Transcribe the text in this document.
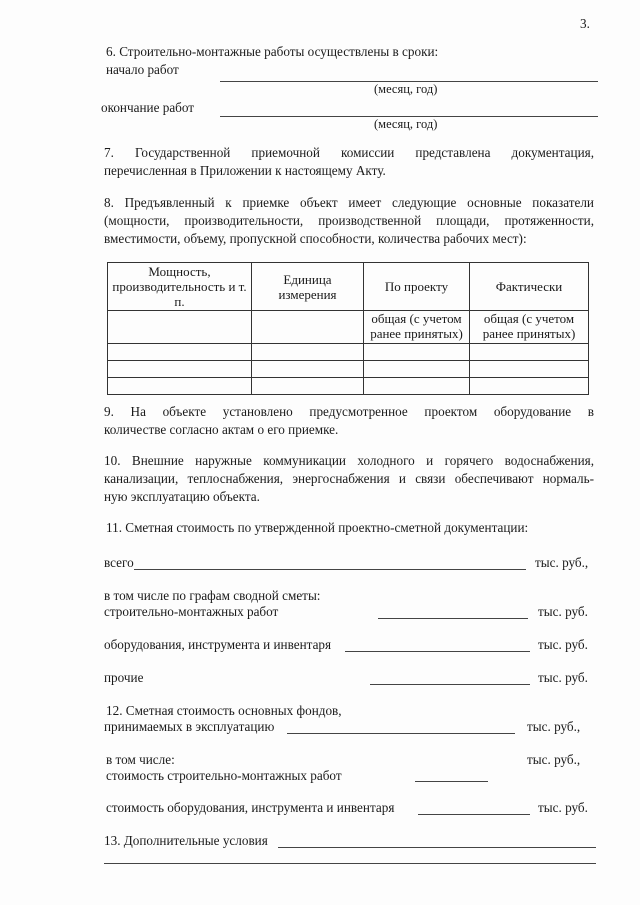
3.
6. Строительно-монтажные работы осуществлены в сроки:
начало работ
(месяц, год)
окончание работ
(месяц, год)
7. Государственной приемочной комиссии представлена документация,
перечисленная в Приложении к настоящему Акту.
8. Предъявленный к приемке объект имеет следующие основные показатели
(мощности, производительности, производственной площади, протяженности,
вместимости, объему, пропускной способности, количества рабочих мест):
Мощность, производительность и т. п.	Единица измерения	По проекту	Фактически
		общая (с учетом ранее принятых)	общая (с учетом ранее принятых)

9. На объекте установлено предусмотренное проектом оборудование в
количестве согласно актам о его приемке.
10. Внешние наружные коммуникации холодного и горячего водоснабжения,
канализации, теплоснабжения, энергоснабжения и связи обеспечивают нормаль-
ную эксплуатацию объекта.
11. Сметная стоимость по утвержденной проектно-сметной документации:
всего	тыс. руб.,
в том числе по графам сводной сметы:
строительно-монтажных работ	тыс. руб.
оборудования, инструмента и инвентаря	тыс. руб.
прочие	тыс. руб.
12. Сметная стоимость основных фондов,
принимаемых в эксплуатацию	тыс. руб.,
в том числе:	тыс. руб.,
стоимость строительно-монтажных работ
стоимость оборудования, инструмента и инвентаря	тыс. руб.
13. Дополнительные условия
